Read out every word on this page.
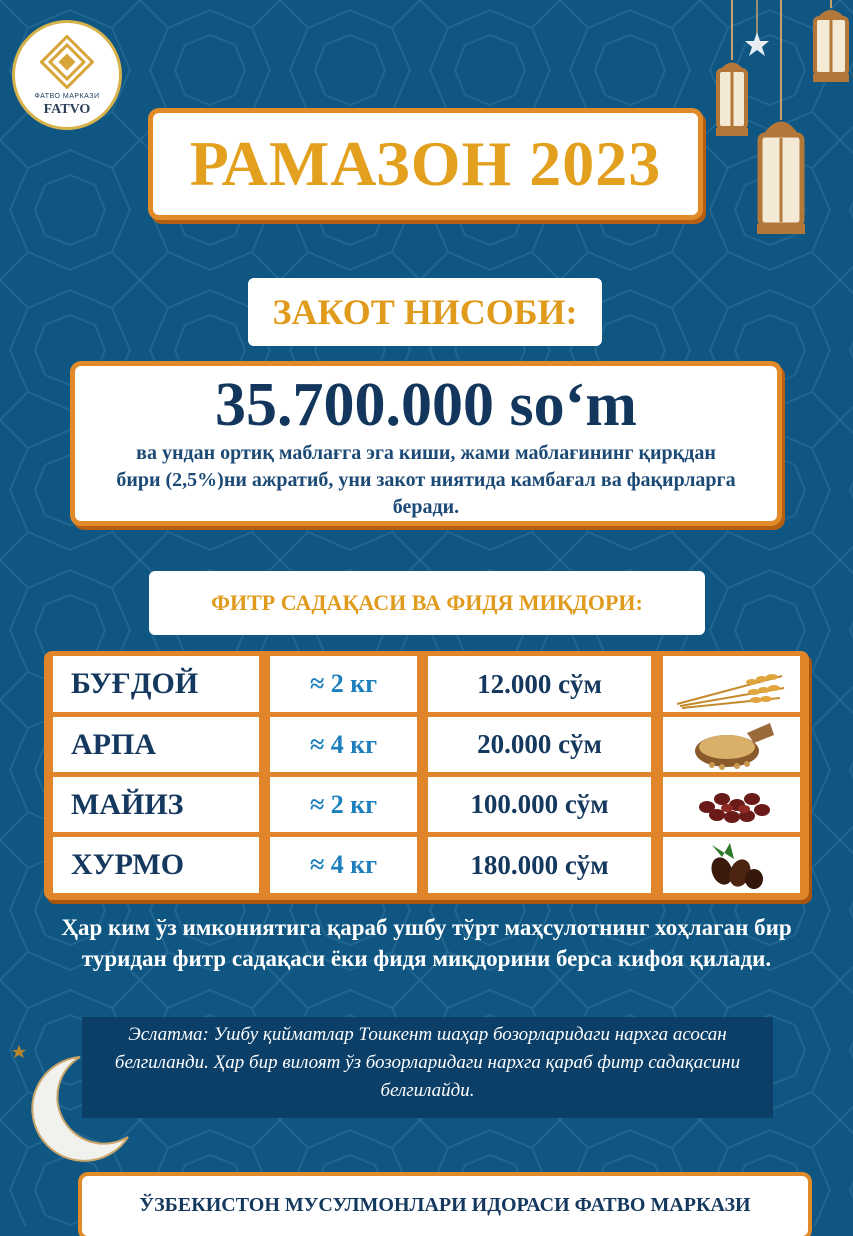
ФАТВО МАРКАЗИ
FATVO
РАМАЗОН 2023
ЗАКОТ НИСОБИ:
35.700.000 so‘m
ва ундан ортиқ маблағга эга киши, жами маблағининг қирқдан бири (2,5%)ни ажратиб, уни закот ниятида камбағал ва фақирларга беради.
ФИТР САДАҚАСИ ВА ФИДЯ МИҚДОРИ:
БУҒДОЙ	≈ 2 кг	12.000 сўм
АРПА	≈ 4 кг	20.000 сўм
МАЙИЗ	≈ 2 кг	100.000 сўм
ХУРМО	≈ 4 кг	180.000 сўм
Ҳар ким ўз имкониятига қараб ушбу тўрт маҳсулотнинг хоҳлаган бир туридан фитр садақаси ёки фидя миқдорини берса кифоя қилади.
Эслатма: Ушбу қийматлар Тошкент шаҳар бозорларидаги нархга асосан белгиланди. Ҳар бир вилоят ўз бозорларидаги нархга қараб фитр садақасини белгилайди.
ЎЗБЕКИСТОН МУСУЛМОНЛАРИ ИДОРАСИ ФАТВО МАРКАЗИ
